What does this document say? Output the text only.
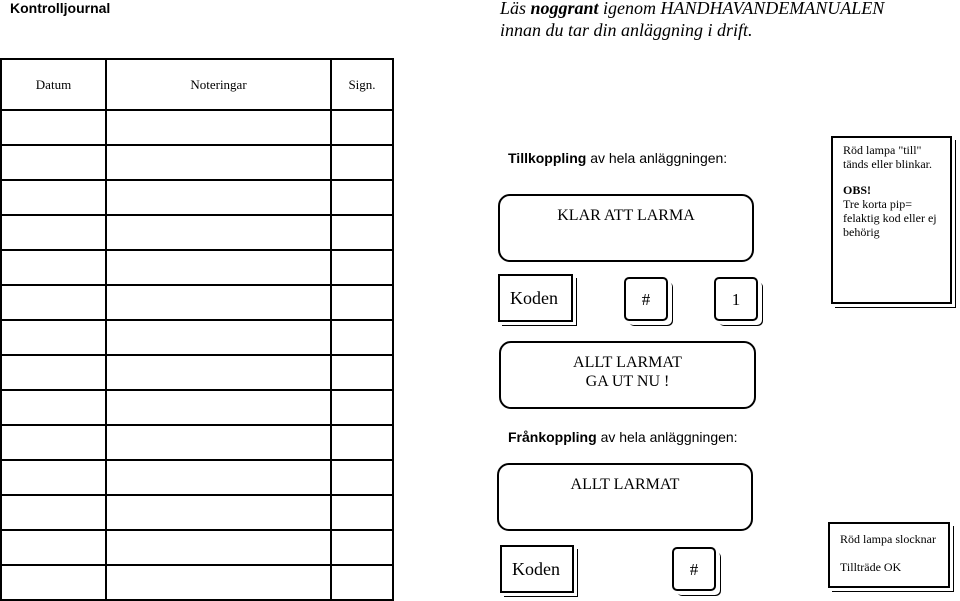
Kontrolljournal	Läs noggrant igenom HANDHAVANDEMANUALEN
innan du tar din anläggning i drift.
Datum	Noteringar	Sign.

Tillkoppling av hela anläggningen:
KLAR ATT LARMA
Koden	#	1
ALLT LARMAT
GA UT NU !
Röd lampa "till"
tänds eller blinkar.

OBS!
Tre korta pip=
felaktig kod eller ej
behörig
Frånkoppling av hela anläggningen:
ALLT LARMAT
Koden	#
Röd lampa slocknar
Tillträde OK
